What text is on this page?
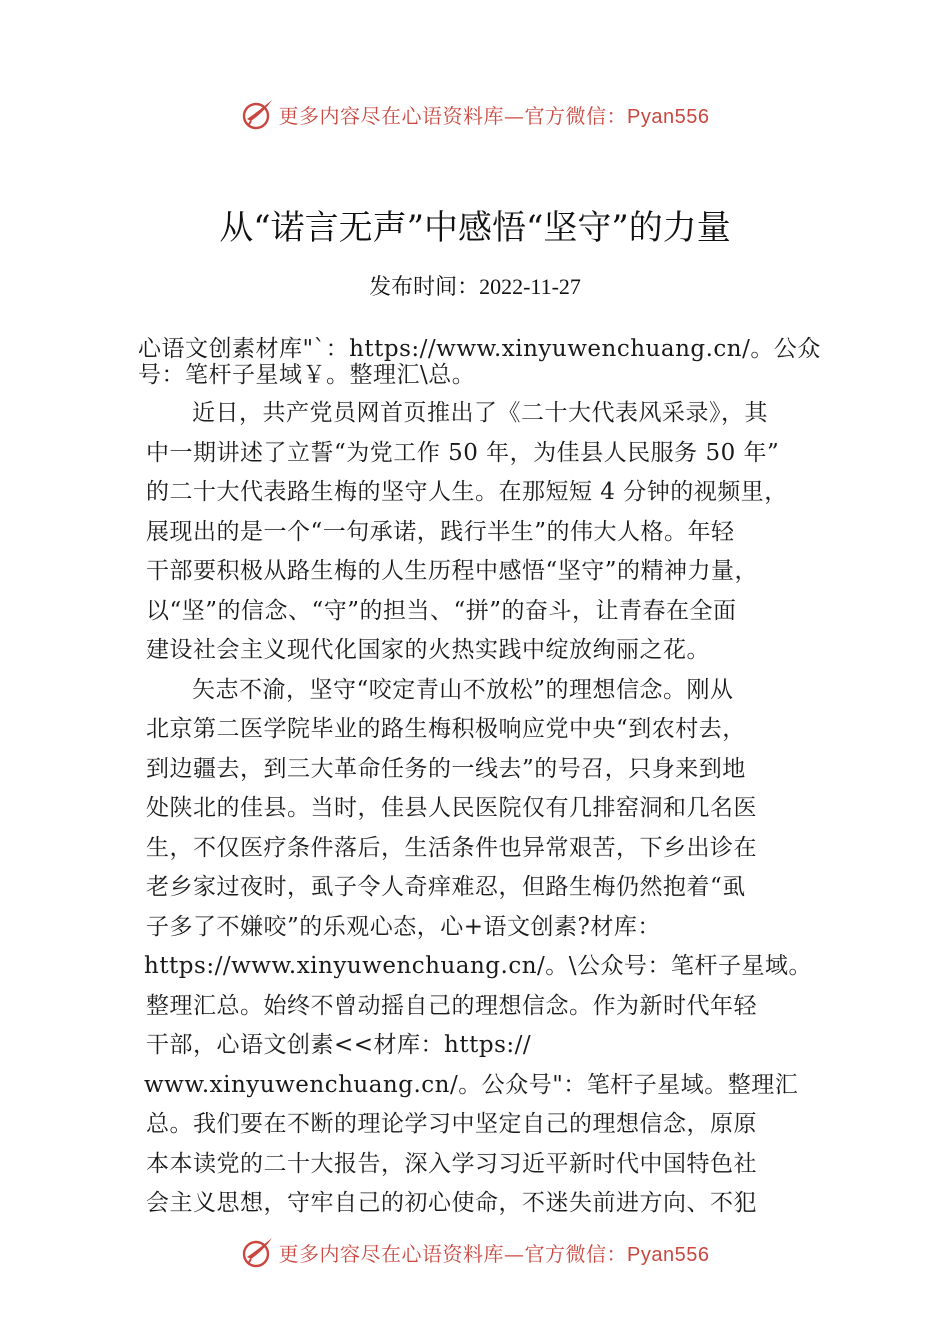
更多内容尽在心语资料库—官方微信：Pyan556
从“诺言无声”中感悟“坚守”的力量
发布时间：2022-11-27
心语文创素材库"`：https://www.xinyuwenchuang.cn/。公众
号：笔杆子星域￥。整理汇\总。
近日，共产党员网首页推出了《二十大代表风采录》，其
中一期讲述了立誓“为党工作 50 年，为佳县人民服务 50 年”
的二十大代表路生梅的坚守人生。在那短短 4 分钟的视频里，
展现出的是一个“一句承诺，践行半生”的伟大人格。年轻
干部要积极从路生梅的人生历程中感悟“坚守”的精神力量，
以“坚”的信念、“守”的担当、“拼”的奋斗，让青春在全面
建设社会主义现代化国家的火热实践中绽放绚丽之花。
矢志不渝，坚守“咬定青山不放松”的理想信念。刚从
北京第二医学院毕业的路生梅积极响应党中央“到农村去，
到边疆去，到三大革命任务的一线去”的号召，只身来到地
处陕北的佳县。当时，佳县人民医院仅有几排窑洞和几名医
生，不仅医疗条件落后，生活条件也异常艰苦，下乡出诊在
老乡家过夜时，虱子令人奇痒难忍，但路生梅仍然抱着“虱
子多了不嫌咬”的乐观心态，心+语文创素?材库：
https://www.xinyuwenchuang.cn/。\公众号：笔杆子星域。
整理汇总。始终不曾动摇自己的理想信念。作为新时代年轻
干部，心语文创素<<材库：https://
www.xinyuwenchuang.cn/。公众号"：笔杆子星域。整理汇
总。我们要在不断的理论学习中坚定自己的理想信念，原原
本本读党的二十大报告，深入学习习近平新时代中国特色社
会主义思想，守牢自己的初心使命，不迷失前进方向、不犯
更多内容尽在心语资料库—官方微信：Pyan556
